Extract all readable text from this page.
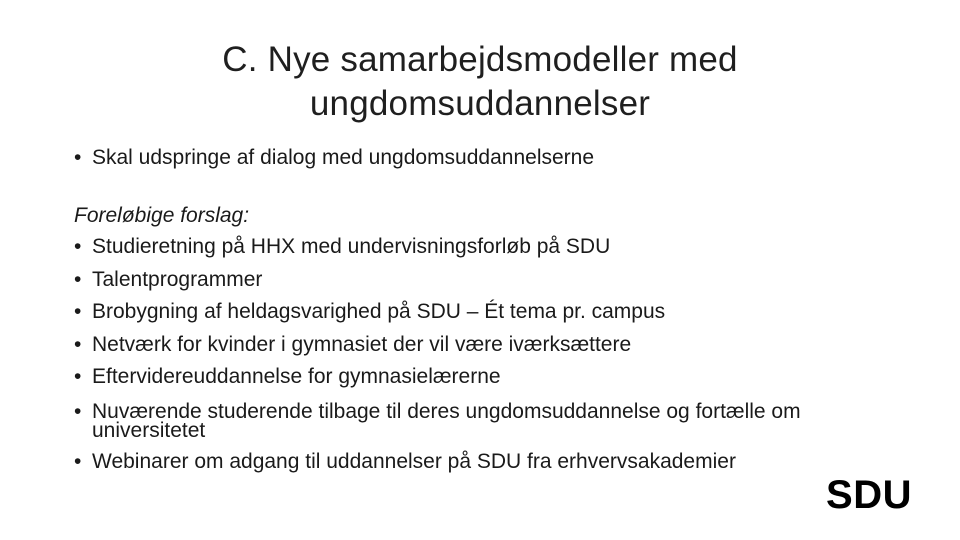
C. Nye samarbejdsmodeller med
ungdomsuddannelser
• Skal udspringe af dialog med ungdomsuddannelserne
Foreløbige forslag:
• Studieretning på HHX med undervisningsforløb på SDU
• Talentprogrammer
• Brobygning af heldagsvarighed på SDU – Ét tema pr. campus
• Netværk for kvinder i gymnasiet der vil være iværksættere
• Eftervidereuddannelse for gymnasielærerne
• Nuværende studerende tilbage til deres ungdomsuddannelse og fortælle om universitetet
• Webinarer om adgang til uddannelser på SDU fra erhvervsakademier
SDU
